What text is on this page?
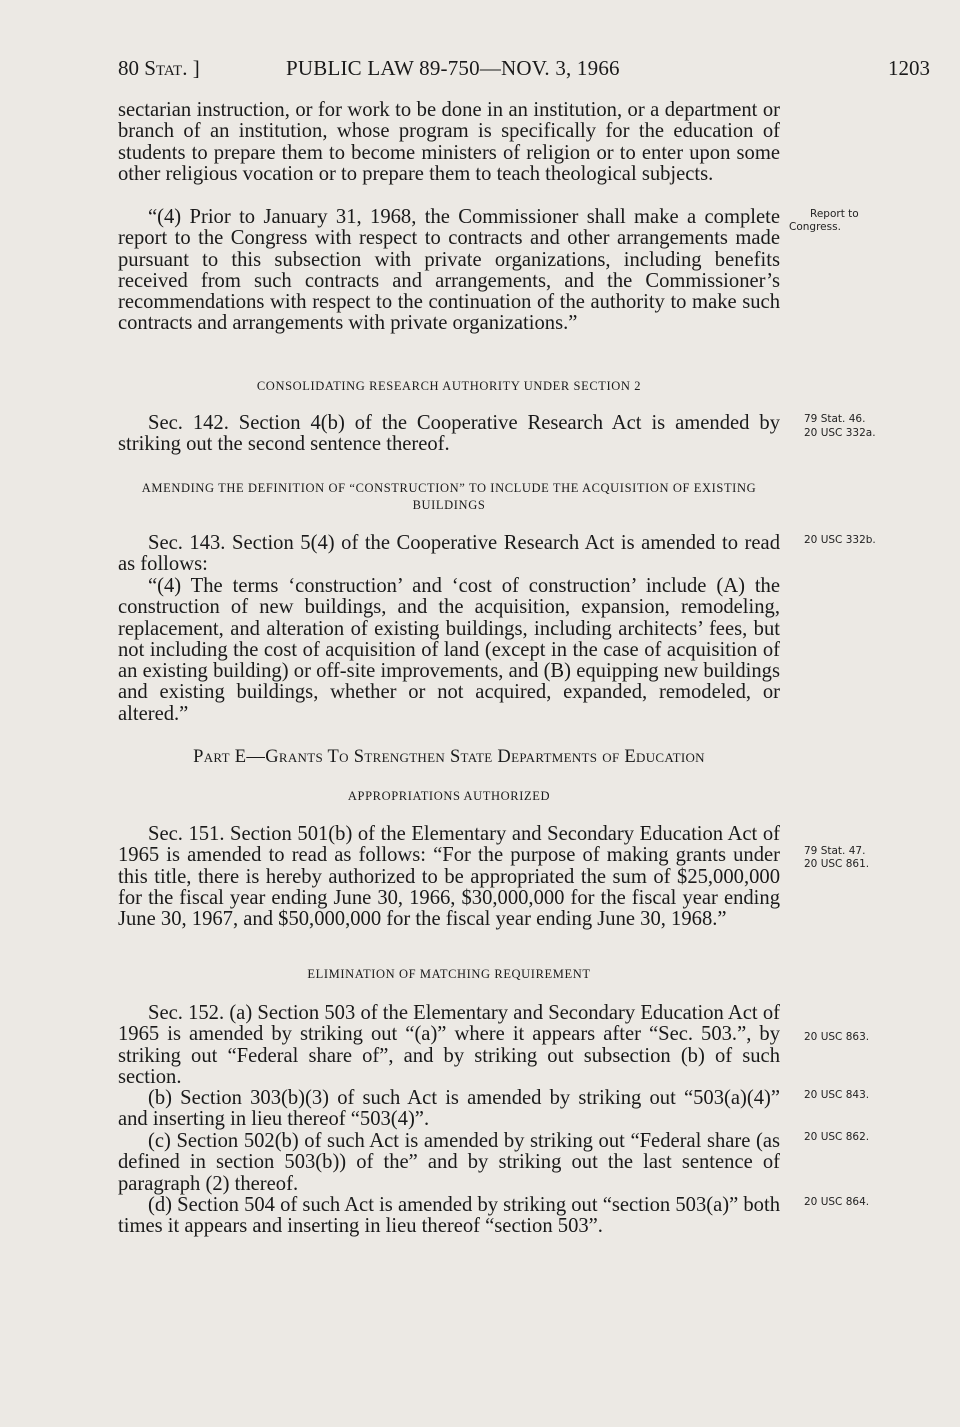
80 Stat. ]	PUBLIC LAW 89-750—NOV. 3, 1966	1203

sectarian instruction, or for work to be done in an institution, or a department or branch of an institution, whose program is specifically for the education of students to prepare them to become ministers of religion or to enter upon some other religious vocation or to prepare them to teach theological subjects.

“(4) Prior to January 31, 1968, the Commissioner shall make a complete report to the Congress with respect to contracts and other arrangements made pursuant to this subsection with private organizations, including benefits received from such contracts and arrangements, and the Commissioner’s recommendations with respect to the continuation of the authority to make such contracts and arrangements with private organizations.”

CONSOLIDATING RESEARCH AUTHORITY UNDER SECTION 2

Sec. 142. Section 4(b) of the Cooperative Research Act is amended by striking out the second sentence thereof.

AMENDING THE DEFINITION OF “CONSTRUCTION” TO INCLUDE THE ACQUISITION OF EXISTING BUILDINGS

Sec. 143. Section 5(4) of the Cooperative Research Act is amended to read as follows:

“(4) The terms ‘construction’ and ‘cost of construction’ include (A) the construction of new buildings, and the acquisition, expansion, remodeling, replacement, and alteration of existing buildings, including architects’ fees, but not including the cost of acquisition of land (except in the case of acquisition of an existing building) or off-site improvements, and (B) equipping new buildings and existing buildings, whether or not acquired, expanded, remodeled, or altered.”

Part E—Grants To Strengthen State Departments of Education

APPROPRIATIONS AUTHORIZED

Sec. 151. Section 501(b) of the Elementary and Secondary Education Act of 1965 is amended to read as follows: “For the purpose of making grants under this title, there is hereby authorized to be appropriated the sum of $25,000,000 for the fiscal year ending June 30, 1966, $30,000,000 for the fiscal year ending June 30, 1967, and $50,000,000 for the fiscal year ending June 30, 1968.”

ELIMINATION OF MATCHING REQUIREMENT

Sec. 152. (a) Section 503 of the Elementary and Secondary Education Act of 1965 is amended by striking out “(a)” where it appears after “Sec. 503.”, by striking out “Federal share of”, and by striking out subsection (b) of such section.

(b) Section 303(b)(3) of such Act is amended by striking out “503(a)(4)” and inserting in lieu thereof “503(4)”.

(c) Section 502(b) of such Act is amended by striking out “Federal share (as defined in section 503(b)) of the” and by striking out the last sentence of paragraph (2) thereof.

(d) Section 504 of such Act is amended by striking out “section 503(a)” both times it appears and inserting in lieu thereof “section 503”.

Report to

Congress.

79 Stat. 46.

20 USC 332a.

20 USC 332b.

79 Stat. 47.

20 USC 861.

20 USC 863.

20 USC 843.

20 USC 862.

20 USC 864.
